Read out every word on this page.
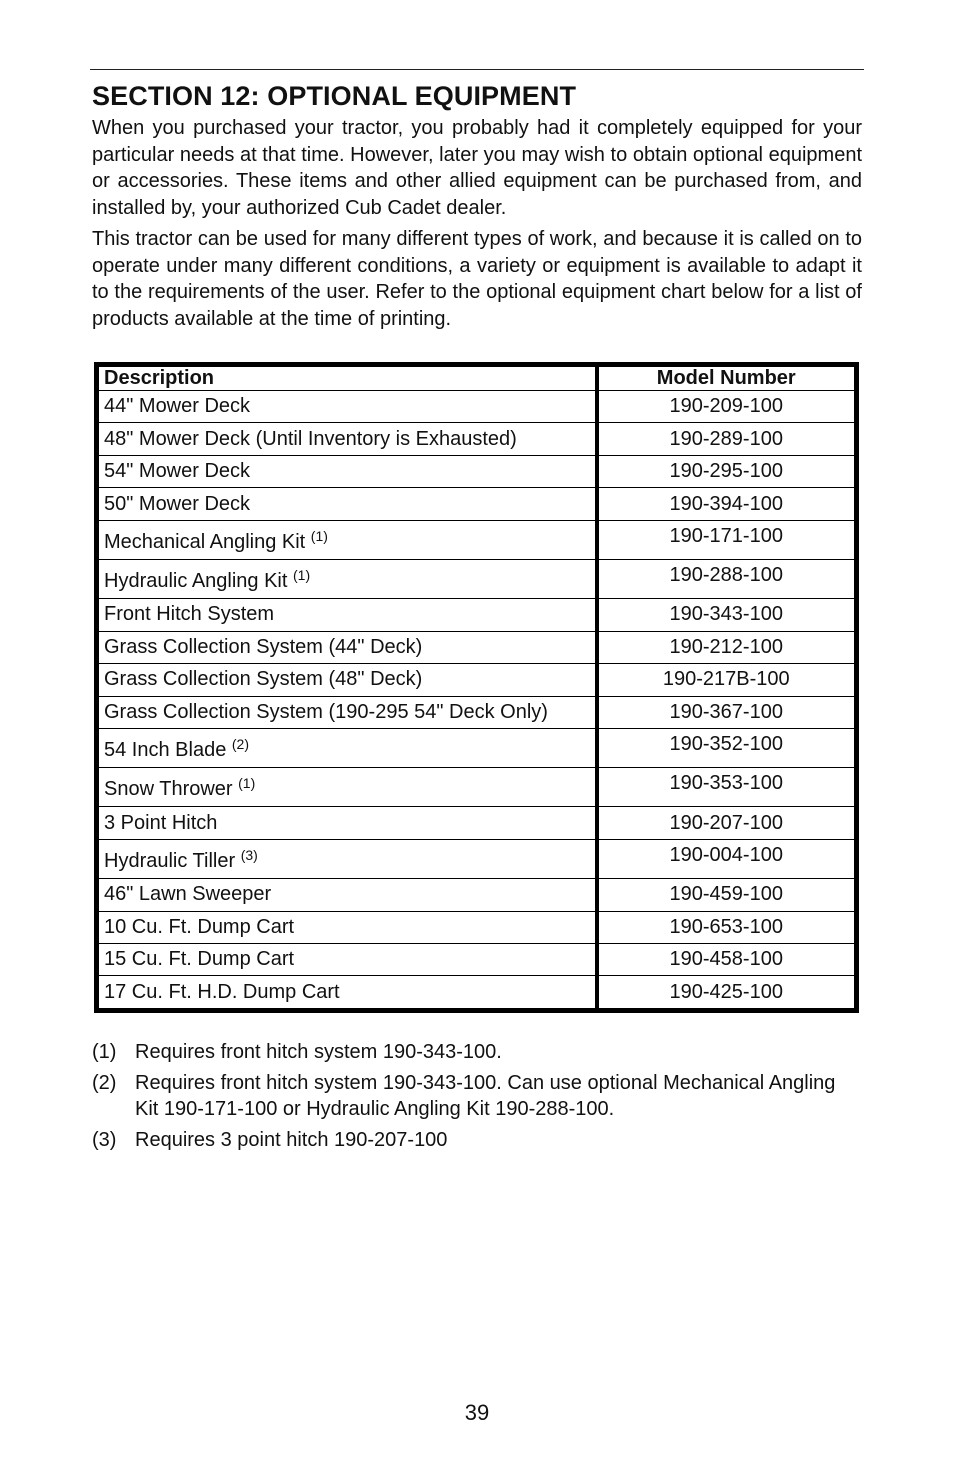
SECTION 12: OPTIONAL EQUIPMENT

When you purchased your tractor, you probably had it completely equipped for your particular needs at that time. However, later you may wish to obtain optional equipment or accessories. These items and other allied equipment can be purchased from, and installed by, your authorized Cub Cadet dealer.

This tractor can be used for many different types of work, and because it is called on to operate under many different conditions, a variety or equipment is available to adapt it to the requirements of the user. Refer to the optional equipment chart below for a list of products available at the time of printing.

Description	Model Number
44" Mower Deck	190-209-100
48" Mower Deck (Until Inventory is Exhausted)	190-289-100
54" Mower Deck	190-295-100
50" Mower Deck	190-394-100
Mechanical Angling Kit $^{(1)}$	190-171-100
Hydraulic Angling Kit $^{(1)}$	190-288-100
Front Hitch System	190-343-100
Grass Collection System (44" Deck)	190-212-100
Grass Collection System (48" Deck)	190-217B-100
Grass Collection System (190-295 54" Deck Only)	190-367-100
54 Inch Blade $^{(2)}$	190-352-100
Snow Thrower $^{(1)}$	190-353-100
3 Point Hitch	190-207-100
Hydraulic Tiller $^{(3)}$	190-004-100
46" Lawn Sweeper	190-459-100
10 Cu. Ft. Dump Cart	190-653-100
15 Cu. Ft. Dump Cart	190-458-100
17 Cu. Ft. H.D. Dump Cart	190-425-100
(1) Requires front hitch system 190-343-100.
(2) Requires front hitch system 190-343-100. Can use optional Mechanical Angling Kit 190-171-100 or Hydraulic Angling Kit 190-288-100.
(3) Requires 3 point hitch 190-207-100
39
